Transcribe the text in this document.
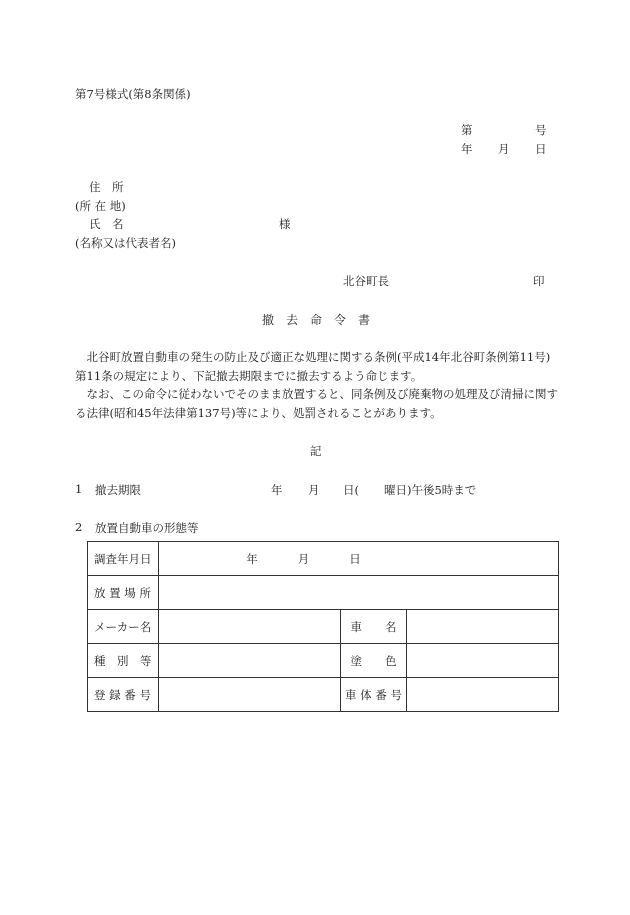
第7号様式(第8条関係)
第	号
年 月 日
住　所
(所 在 地)
氏　名	様
(名称又は代表者名)
北谷町長	印
撤　去　命　令　書
北谷町放置自動車の発生の防止及び適正な処理に関する条例(平成14年北谷町条例第11号)第11条の規定により、下記撤去期限までに撤去するよう命じます。
なお、この命令に従わないでそのまま放置すると、同条例及び廃棄物の処理及び清掃に関する法律(昭和45年法律第137号)等により、処罰されることがあります。
記
1 撤去期限	年 月 日( 曜日)午後5時まで
2 放置自動車の形態等
調査年月日	年 月 日		

放 置 場 所			
メーカー名		車　　名	
種　別　等		塗　　色	
登 録 番 号		車 体 番 号	
